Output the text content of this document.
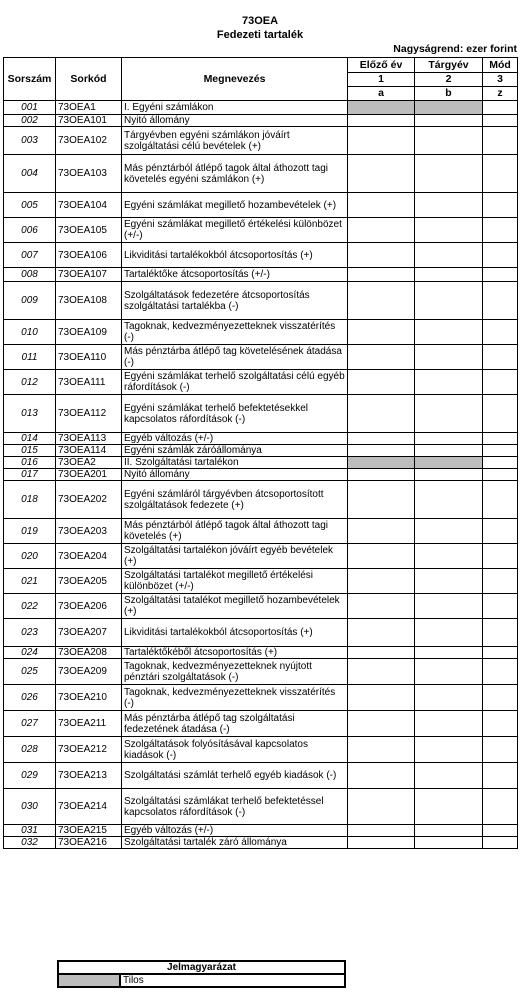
73OEA
Fedezeti tartalék
Nagyságrend: ezer forint
Sorszám	Sorkód	Megnevezés	Előző év	Tárgyév	Mód
			1	2	3
			a	b	z
001	73OEA1	I. Egyéni számlákon			
002	73OEA101	Nyitó állomány			
003	73OEA102	Tárgyévben egyéni számlákon jóváírt szolgáltatási célú bevételek (+)			
004	73OEA103	Más pénztárból átlépő tagok által áthozott tagi követelés egyéni számlákon (+)			
005	73OEA104	Egyéni számlákat megillető hozambevételek (+)			
006	73OEA105	Egyéni számlákat megillető értékelési különbözet (+/-)			
007	73OEA106	Likviditási tartalékokból átcsoportosítás (+)			
008	73OEA107	Tartaléktőke átcsoportosítás (+/-)			
009	73OEA108	Szolgáltatások fedezetére átcsoportosítás szolgáltatási tartalékba (-)			
010	73OEA109	Tagoknak, kedvezményezetteknek visszatérítés (-)			
011	73OEA110	Más pénztárba átlépő tag követelésének átadása (-)			
012	73OEA111	Egyéni számlákat terhelő szolgáltatási célú egyéb ráfordítások (-)			
013	73OEA112	Egyéni számlákat terhelő befektetésekkel kapcsolatos ráfordítások (-)			
014	73OEA113	Egyéb változás (+/-)			
015	73OEA114	Egyéni számlák záróállománya			
016	73OEA2	II. Szolgáltatási tartalékon			
017	73OEA201	Nyitó állomány			
018	73OEA202	Egyéni számláról tárgyévben átcsoportosított szolgáltatások fedezete (+)			
019	73OEA203	Más pénztárból átlépő tagok által áthozott tagi követelés (+)			
020	73OEA204	Szolgáltatási tartalékon jóváírt egyéb bevételek (+)			
021	73OEA205	Szolgáltatási tartalékot megillető értékelési különbözet (+/-)			
022	73OEA206	Szolgáltatási tatalékot megillető hozambevételek (+)			
023	73OEA207	Likviditási tartalékokból átcsoportosítás (+)			
024	73OEA208	Tartaléktőkéből átcsoportosítás (+)			
025	73OEA209	Tagoknak, kedvezményezetteknek nyújtott pénztári szolgáltatások (-)			
026	73OEA210	Tagoknak, kedvezményezetteknek visszatérítés (-)			
027	73OEA211	Más pénztárba átlépő tag szolgáltatási fedezetének átadása (-)			
028	73OEA212	Szolgáltatások folyósításával kapcsolatos kiadások (-)			
029	73OEA213	Szolgáltatási számlát terhelő egyéb kiadások (-)			
030	73OEA214	Szolgáltatási számlákat terhelő befektetéssel kapcsolatos ráfordítások (-)			
031	73OEA215	Egyéb változás (+/-)			
032	73OEA216	Szolgáltatási tartalék záró állománya			
Jelmagyarázat
	Tilos
